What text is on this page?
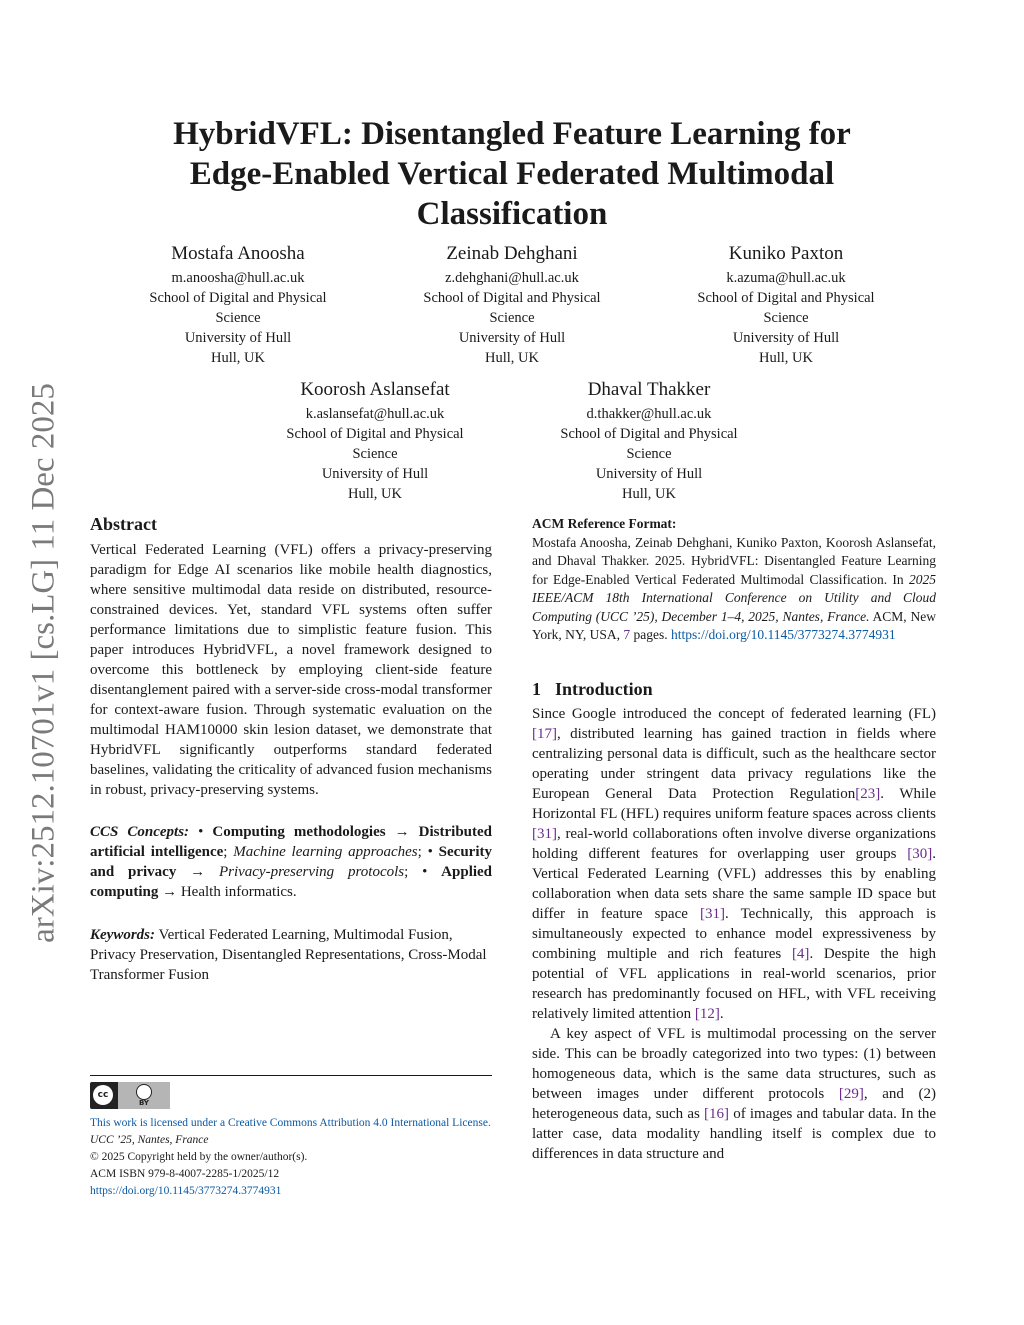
arXiv:2512.10701v1 [cs.LG] 11 Dec 2025
HybridVFL: Disentangled Feature Learning for
Edge-Enabled Vertical Federated Multimodal
Classification
Mostafa Anoosha
m.anoosha@hull.ac.uk
School of Digital and Physical
Science
University of Hull
Hull, UK
Zeinab Dehghani
z.dehghani@hull.ac.uk
School of Digital and Physical
Science
University of Hull
Hull, UK
Kuniko Paxton
k.azuma@hull.ac.uk
School of Digital and Physical
Science
University of Hull
Hull, UK
Koorosh Aslansefat
k.aslansefat@hull.ac.uk
School of Digital and Physical
Science
University of Hull
Hull, UK
Dhaval Thakker
d.thakker@hull.ac.uk
School of Digital and Physical
Science
University of Hull
Hull, UK
Abstract

Vertical Federated Learning (VFL) offers a privacy-preserving paradigm for Edge AI scenarios like mobile health diagnostics, where sensitive multimodal data reside on distributed, resource-constrained devices. Yet, standard VFL systems often suffer performance limitations due to simplistic feature fusion. This paper introduces HybridVFL, a novel framework designed to overcome this bottleneck by employing client-side feature disentanglement paired with a server-side cross-modal transformer for context-aware fusion. Through systematic evaluation on the multimodal HAM10000 skin lesion dataset, we demonstrate that HybridVFL significantly outperforms standard federated baselines, validating the criticality of advanced fusion mechanisms in robust, privacy-preserving systems.

CCS Concepts: • Computing methodologies → Distributed artificial intelligence; Machine learning approaches; • Security and privacy → Privacy-preserving protocols; • Applied computing → Health informatics.

Keywords: Vertical Federated Learning, Multimodal Fusion, Privacy Preservation, Disentangled Representations, Cross-Modal Transformer Fusion

ACM Reference Format:

Mostafa Anoosha, Zeinab Dehghani, Kuniko Paxton, Koorosh Aslansefat, and Dhaval Thakker. 2025. HybridVFL: Disentangled Feature Learning for Edge-Enabled Vertical Federated Multimodal Classification. In 2025 IEEE/ACM 18th International Conference on Utility and Cloud Computing (UCC ’25), December 1–4, 2025, Nantes, France. ACM, New York, NY, USA, 7 pages. https://doi.org/10.1145/3773274.3774931

1 Introduction

Since Google introduced the concept of federated learning (FL)[17], distributed learning has gained traction in fields where centralizing personal data is difficult, such as the healthcare sector operating under stringent data privacy regulations like the European General Data Protection Regulation[23]. While Horizontal FL (HFL) requires uniform feature spaces across clients [31], real-world collaborations often involve diverse organizations holding different features for overlapping user groups [30]. Vertical Federated Learning (VFL) addresses this by enabling collaboration when data sets share the same sample ID space but differ in feature space [31]. Technically, this approach is simultaneously expected to enhance model expressiveness by combining multiple and rich features [4]. Despite the high potential of VFL applications in real-world scenarios, prior research has predominantly focused on HFL, with VFL receiving relatively limited attention [12].

A key aspect of VFL is multimodal processing on the server side. This can be broadly categorized into two types: (1) between homogeneous data, which is the same data structures, such as between images under different protocols [29], and (2) heterogeneous data, such as [16] of images and tabular data. In the latter case, data modality handling itself is complex due to differences in data structure and

cc
BY
This work is licensed under a Creative Commons Attribution 4.0 International License.
UCC ’25, Nantes, France
© 2025 Copyright held by the owner/author(s).
ACM ISBN 979-8-4007-2285-1/2025/12
https://doi.org/10.1145/3773274.3774931
